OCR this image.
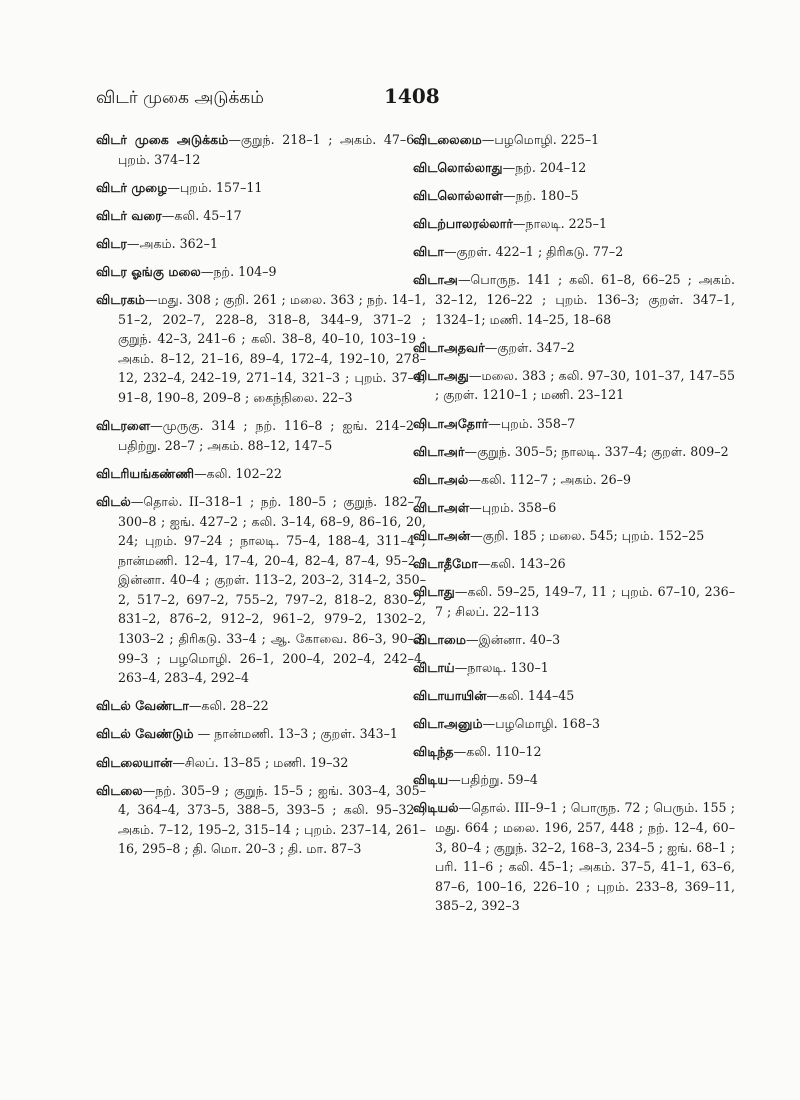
விடர் முகை அடுக்கம்	1408
விடர் முகை அடுக்கம்—குறுந். 218–1 ; அகம். 47–6 ; புறம். 374–12
விடர் முழை—புறம். 157–11
விடர் வரை—கலி. 45–17
விடர—அகம். 362–1
விடர ஓங்கு மலை—நற். 104–9
விடரகம்—மது. 308 ; குறி. 261 ; மலை. 363 ; நற். 14–1, 51–2, 202–7, 228–8, 318–8, 344–9, 371–2 ; குறுந். 42–3, 241–6 ; கலி. 38–8, 40–10, 103–19 ; அகம். 8–12, 21–16, 89–4, 172–4, 192–10, 278–12, 232–4, 242–19, 271–14, 321–3 ; புறம். 37–4, 91–8, 190–8, 209–8 ; கைந்நிலை. 22–3
விடரளை—முருகு. 314 ; நற். 116–8 ; ஐங். 214–2 ; பதிற்று. 28–7 ; அகம். 88–12, 147–5
விடரியங்கண்ணி—கலி. 102–22
விடல்—தொல். II–318–1 ; நற். 180–5 ; குறுந். 182–7, 300–8 ; ஐங். 427–2 ; கலி. 3–14, 68–9, 86–16, 20, 24; புறம். 97–24 ; நாலடி. 75–4, 188–4, 311–4 ; நான்மணி. 12–4, 17–4, 20–4, 82–4, 87–4, 95–2 ; இன்னா. 40–4 ; குறள். 113–2, 203–2, 314–2, 350–2, 517–2, 697–2, 755–2, 797–2, 818–2, 830–2, 831–2, 876–2, 912–2, 961–2, 979–2, 1302–2, 1303–2 ; திரிகடு. 33–4 ; ஆ. கோவை. 86–3, 90–3, 99–3 ; பழமொழி. 26–1, 200–4, 202–4, 242–4, 263–4, 283–4, 292–4
விடல் வேண்டா—கலி. 28–22
விடல் வேண்டும் — நான்மணி. 13–3 ; குறள். 343–1
விடலையான்—சிலப். 13–85 ; மணி. 19–32
விடலை—நற். 305–9 ; குறுந். 15–5 ; ஐங். 303–4, 305–4, 364–4, 373–5, 388–5, 393–5 ; கலி. 95–32 ; அகம். 7–12, 195–2, 315–14 ; புறம். 237–14, 261–16, 295–8 ; தி. மொ. 20–3 ; தி. மா. 87–3
விடலைமை—பழமொழி. 225–1
விடலொல்லாது—நற். 204–12
விடலொல்லாள்—நற். 180–5
விடற்பாலரல்லார்—நாலடி. 225–1
விடா—குறள். 422–1 ; திரிகடு. 77–2
விடாஅ—பொருந. 141 ; கலி. 61–8, 66–25 ; அகம். 32–12, 126–22 ; புறம். 136–3; குறள். 347–1, 1324–1; மணி. 14–25, 18–68
விடாஅதவர்—குறள். 347–2
விடாஅது—மலை. 383 ; கலி. 97–30, 101–37, 147–55 ; குறள். 1210–1 ; மணி. 23–121
விடாஅதோர்—புறம். 358–7
விடாஅர்—குறுந். 305–5; நாலடி. 337–4; குறள். 809–2
விடாஅல்—கலி. 112–7 ; அகம். 26–9
விடாஅள்—புறம். 358–6
விடாஅன்—குறி. 185 ; மலை. 545; புறம். 152–25
விடாதீமோ—கலி. 143–26
விடாது—கலி. 59–25, 149–7, 11 ; புறம். 67–10, 236–7 ; சிலப். 22–113
விடாமை—இன்னா. 40–3
விடாய்—நாலடி. 130–1
விடாயாயின்—கலி. 144–45
விடாஅனும்—பழமொழி. 168–3
விடிந்த—கலி. 110–12
விடிய—பதிற்று. 59–4
விடியல்—தொல். III–9–1 ; பொருந. 72 ; பெரும். 155 ; மது. 664 ; மலை. 196, 257, 448 ; நற். 12–4, 60–3, 80–4 ; குறுந். 32–2, 168–3, 234–5 ; ஐங். 68–1 ; பரி. 11–6 ; கலி. 45–1; அகம். 37–5, 41–1, 63–6, 87–6, 100–16, 226–10 ; புறம். 233–8, 369–11, 385–2, 392–3
